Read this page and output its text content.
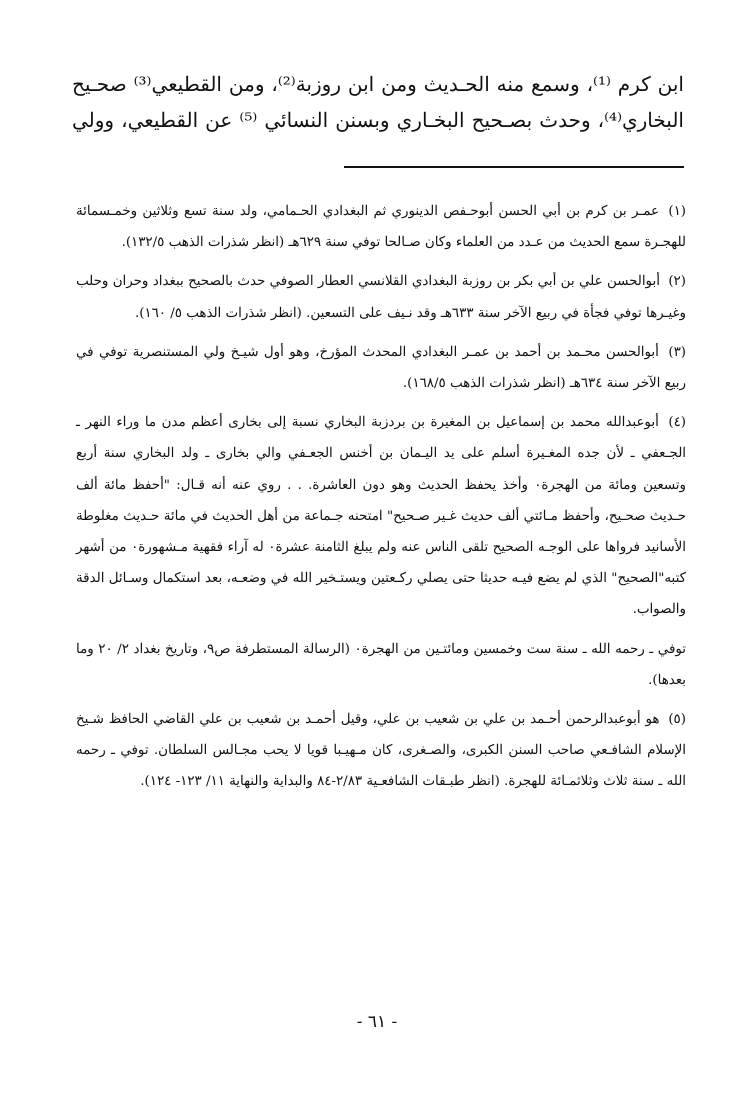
ابن كرم ⁽¹⁾، وسمع منه الحـديث ومن ابن روزبة⁽²⁾، ومن القطيعي⁽³⁾ صحـيح
البخاري⁽⁴⁾، وحدث بصـحيح البخـاري وبسنن النسائي ⁽⁵⁾ عن القطيعي، وولي
(١) عمـر بن كرم بن أبي الحسن أبوحـفص الدينوري ثم البغدادي الحـمامي، ولد سنة تسع وثلاثين وخمـسمائة للهجـرة سمع الحديث من عـدد من العلماء وكان صـالحا توفي سنة ٦٢٩هـ (انظر شذرات الذهب ١٣٢/٥).
(٢) أبوالحسن علي بن أبي بكر بن روزبة البغدادي القلانسي العطار الصوفي حدث بالصحيح ببغداد وحران وحلب وغيـرها توفي فجأة في ربيع الآخر سنة ٦٣٣هـ وقد نـيف على التسعين. (انظر شذرات الذهب ٥/ ١٦٠).
(٣) أبوالحسن محـمد بن أحمد بن عمـر البغدادي المحدث المؤرخ، وهو أول شيـخ ولي المستنصرية توفي في ربيع الآخر سنة ٦٣٤هـ (انظر شذرات الذهب ١٦٨/٥).
(٤) أبوعبدالله محمد بن إسماعيل بن المغيرة بن بردزبة البخاري نسبة إلى بخارى أعظم مدن ما وراء النهر ـ الجـعفي ـ لأن جده المغـيرة أسلم على يد اليـمان بن أخنس الجعـفي والي بخارى ـ ولد البخاري سنة أربع وتسعين ومائة من الهجرة٠ وأخذ يحفظ الحديث وهو دون العاشرة. . . روي عنه أنه قـال: "أحفظ مائة ألف حـديث صحـيح، وأحفظ مـائتي ألف حديث غـير صـحيح" امتحنه جـماعة من أهل الحديث في مائة حـديث مغلوطة الأسانيد فرواها على الوجـه الصحيح تلقى الناس عنه ولم يبلغ الثامنة عشرة٠ له آراء فقهية مـشهورة٠ من أشهر كتبه"الصحيح" الذي لم يضع فيـه حديثا حتى يصلي ركـعتين ويستـخير الله في وضعـه، بعد استكمال وسـائل الدقة والصواب.
توفي ـ رحمه الله ـ سنة ست وخمسين ومائتـين من الهجرة٠ (الرسالة المستطرفة ص٩، وتاريخ بغداد ٢/ ٢٠ وما بعدها).
(٥) هو أبوعبدالرحمن أحـمد بن علي بن شعيب بن علي، وقيل أحمـد بن شعيب بن علي القاضي الحافظ شـيخ الإسلام الشافـعي صاحب السنن الكبرى، والصـغرى، كان مـهيـبا قويا لا يحب مجـالس السلطان. توفي ـ رحمه الله ـ سنة ثلاث وثلاثمـائة للهجرة. (انظر طبـقات الشافعـية ٢/٨٣-٨٤ والبداية والنهاية ١١/ ١٢٣- ١٢٤).
- ٦١ -
